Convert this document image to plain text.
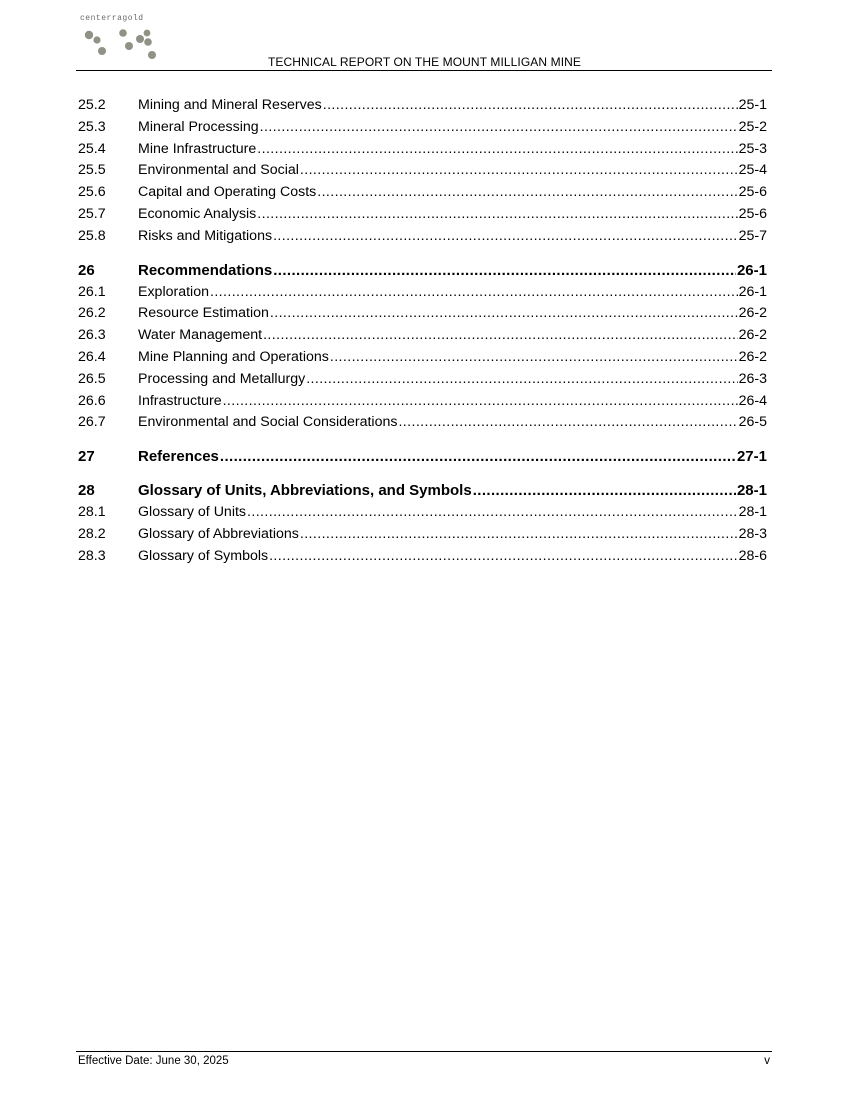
centerragold
TECHNICAL REPORT ON THE MOUNT MILLIGAN MINE
25.2	Mining and Mineral Reserves .....	25-1
25.3	Mineral Processing .....	25-2
25.4	Mine Infrastructure .....	25-3
25.5	Environmental and Social .....	25-4
25.6	Capital and Operating Costs .....	25-6
25.7	Economic Analysis .....	25-6
25.8	Risks and Mitigations .....	25-7
26	Recommendations .....	26-1
26.1	Exploration .....	26-1
26.2	Resource Estimation .....	26-2
26.3	Water Management .....	26-2
26.4	Mine Planning and Operations .....	26-2
26.5	Processing and Metallurgy .....	26-3
26.6	Infrastructure .....	26-4
26.7	Environmental and Social Considerations .....	26-5
27	References .....	27-1
28	Glossary of Units, Abbreviations, and Symbols .....	28-1
28.1	Glossary of Units .....	28-1
28.2	Glossary of Abbreviations .....	28-3
28.3	Glossary of Symbols .....	28-6
Effective Date: June 30, 2025	v
